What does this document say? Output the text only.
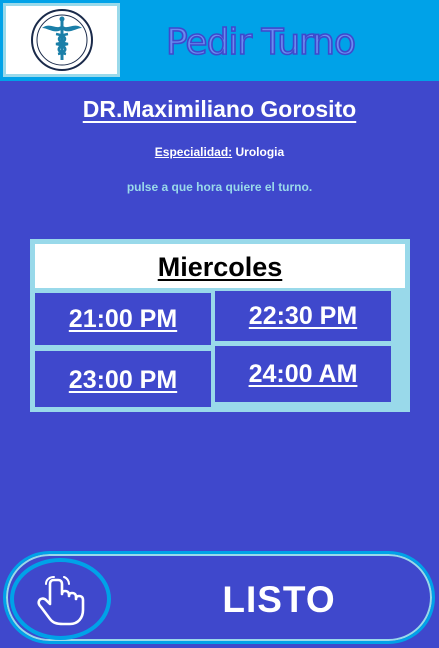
Pedir Turno
DR.Maximiliano Gorosito
Especialidad: Urologia
pulse a que hora quiere el turno.
Miercoles
21:00 PM	22:30 PM
23:00 PM	24:00 AM
LISTO
